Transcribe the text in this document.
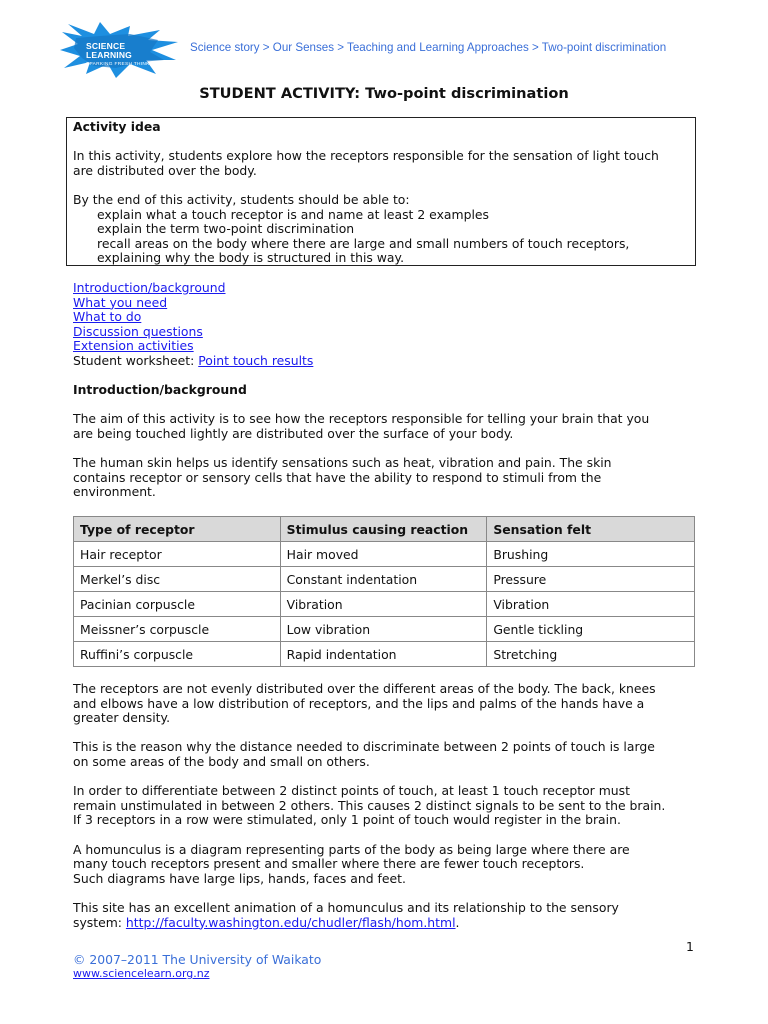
SCIENCE LEARNING
SPARKING FRESH THINKING
Science story > Our Senses > Teaching and Learning Approaches > Two-point discrimination
STUDENT ACTIVITY: Two-point discrimination

Activity idea

In this activity, students explore how the receptors responsible for the sensation of light touch

are distributed over the body.

By the end of this activity, students should be able to:

explain what a touch receptor is and name at least 2 examples

explain the term two-point discrimination

recall areas on the body where there are large and small numbers of touch receptors,

explaining why the body is structured in this way.

Introduction/background
What you need
What to do
Discussion questions
Extension activities
Student worksheet: Point touch results

Introduction/background

The aim of this activity is to see how the receptors responsible for telling your brain that you

are being touched lightly are distributed over the surface of your body.

The human skin helps us identify sensations such as heat, vibration and pain. The skin

contains receptor or sensory cells that have the ability to respond to stimuli from the

environment.

Type of receptor	Stimulus causing reaction	Sensation felt
Hair receptor	Hair moved	Brushing
Merkel’s disc	Constant indentation	Pressure
Pacinian corpuscle	Vibration	Vibration
Meissner’s corpuscle	Low vibration	Gentle tickling
Ruffini’s corpuscle	Rapid indentation	Stretching

The receptors are not evenly distributed over the different areas of the body. The back, knees

and elbows have a low distribution of receptors, and the lips and palms of the hands have a

greater density.

This is the reason why the distance needed to discriminate between 2 points of touch is large

on some areas of the body and small on others.

In order to differentiate between 2 distinct points of touch, at least 1 touch receptor must

remain unstimulated in between 2 others. This causes 2 distinct signals to be sent to the brain.

If 3 receptors in a row were stimulated, only 1 point of touch would register in the brain.

A homunculus is a diagram representing parts of the body as being large where there are

many touch receptors present and smaller where there are fewer touch receptors.

Such diagrams have large lips, hands, faces and feet.

This site has an excellent animation of a homunculus and its relationship to the sensory

system: http://faculty.washington.edu/chudler/flash/hom.html.

1
© 2007–2011 The University of Waikato
www.sciencelearn.org.nz
